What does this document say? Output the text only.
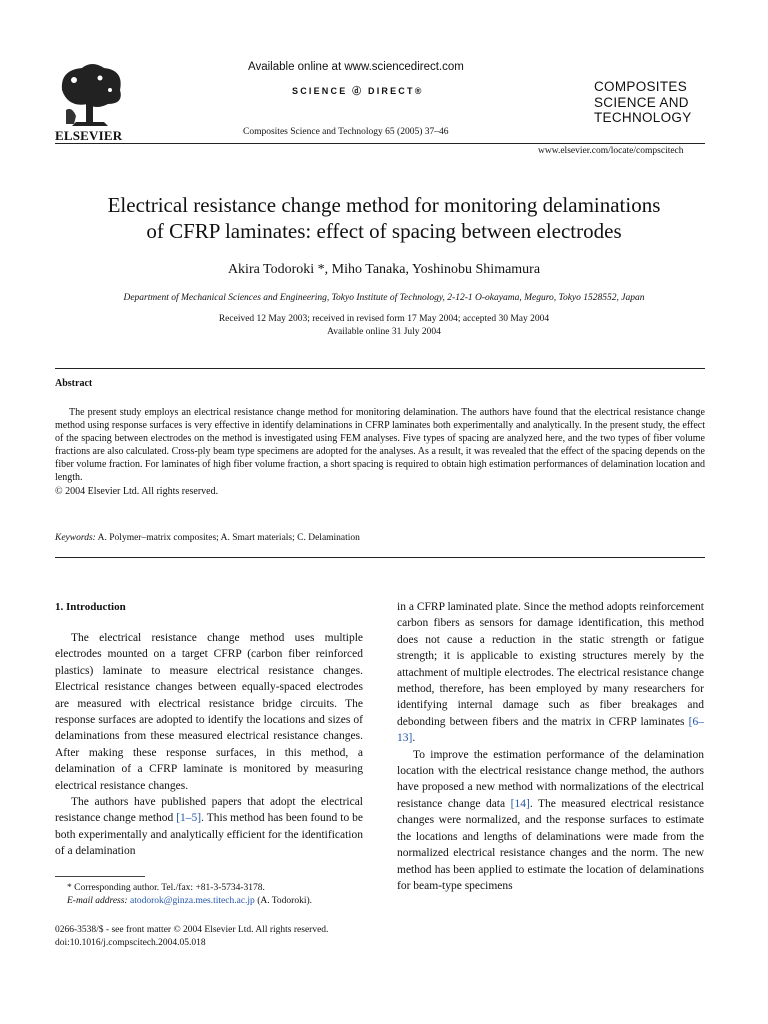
ELSEVIER
Available online at www.sciencedirect.com
SCIENCE ⓓ DIRECT®
Composites Science and Technology 65 (2005) 37–46
COMPOSITES
SCIENCE AND
TECHNOLOGY
www.elsevier.com/locate/compscitech
Electrical resistance change method for monitoring delaminations
of CFRP laminates: effect of spacing between electrodes
Akira Todoroki *, Miho Tanaka, Yoshinobu Shimamura
Department of Mechanical Sciences and Engineering, Tokyo Institute of Technology, 2-12-1 O-okayama, Meguro, Tokyo 1528552, Japan
Received 12 May 2003; received in revised form 17 May 2004; accepted 30 May 2004
Available online 31 July 2004
Abstract

The present study employs an electrical resistance change method for monitoring delamination. The authors have found that the electrical resistance change method using response surfaces is very effective in identify delaminations in CFRP laminates both experimentally and analytically. In the present study, the effect of the spacing between electrodes on the method is investigated using FEM analyses. Five types of spacing are analyzed here, and the two types of fiber volume fractions are also calculated. Cross-ply beam type specimens are adopted for the analyses. As a result, it was revealed that the effect of the spacing depends on the fiber volume fraction. For laminates of high fiber volume fraction, a short spacing is required to obtain high estimation performances of delamination location and length.

© 2004 Elsevier Ltd. All rights reserved.

Keywords: A. Polymer–matrix composites; A. Smart materials; C. Delamination
1. Introduction

The electrical resistance change method uses multiple electrodes mounted on a target CFRP (carbon fiber reinforced plastics) laminate to measure electrical resistance changes. Electrical resistance changes between equally-spaced electrodes are measured with electrical resistance bridge circuits. The response surfaces are adopted to identify the locations and sizes of delaminations from these measured electrical resistance changes. After making these response surfaces, in this method, a delamination of a CFRP laminate is monitored by measuring electrical resistance changes.

The authors have published papers that adopt the electrical resistance change method [1–5]. This method has been found to be both experimentally and analytically efficient for the identification of a delamination

in a CFRP laminated plate. Since the method adopts reinforcement carbon fibers as sensors for damage identification, this method does not cause a reduction in the static strength or fatigue strength; it is applicable to existing structures merely by the attachment of multiple electrodes. The electrical resistance change method, therefore, has been employed by many researchers for identifying internal damage such as fiber breakages and debonding between fibers and the matrix in CFRP laminates [6–13].

To improve the estimation performance of the delamination location with the electrical resistance change method, the authors have proposed a new method with normalizations of the electrical resistance change data [14]. The measured electrical resistance changes were normalized, and the response surfaces to estimate the locations and lengths of delaminations were made from the normalized electrical resistance changes and the norm. The new method has been applied to estimate the location of delaminations for beam-type specimens

* Corresponding author. Tel./fax: +81-3-5734-3178.
E-mail address: atodorok@ginza.mes.titech.ac.jp (A. Todoroki).
0266-3538/$ - see front matter © 2004 Elsevier Ltd. All rights reserved.
doi:10.1016/j.compscitech.2004.05.018
